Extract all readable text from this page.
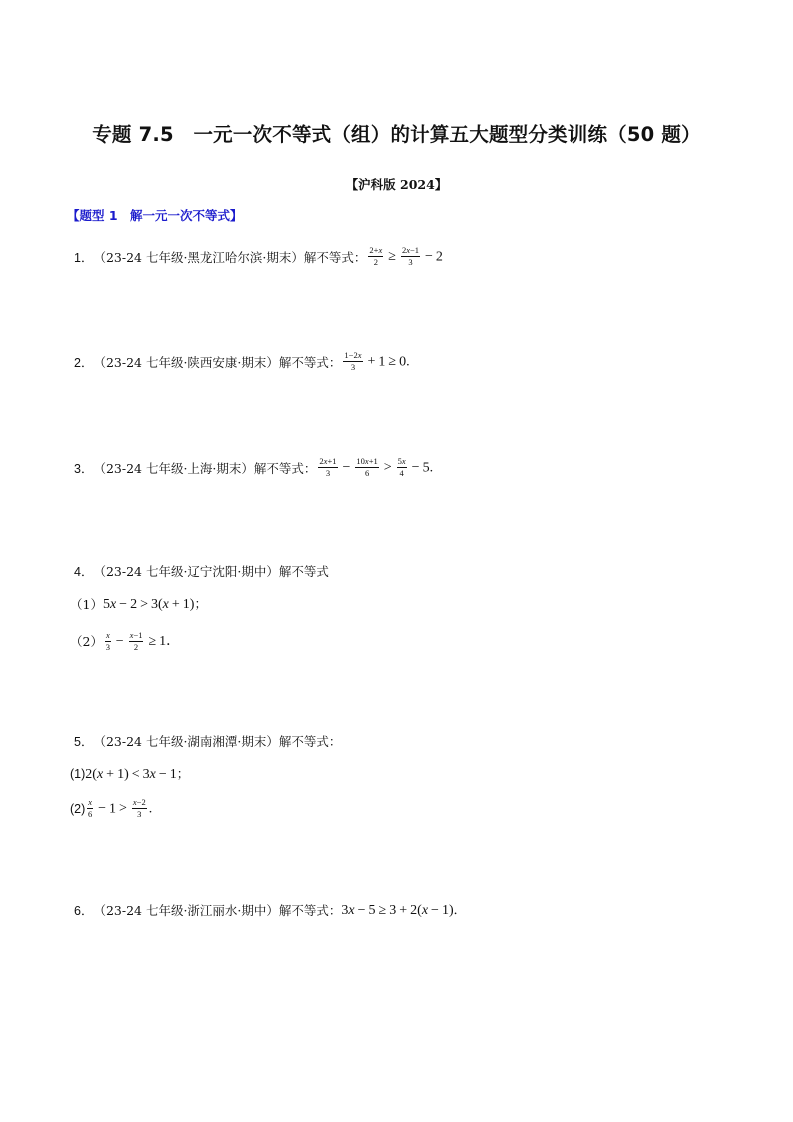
专题 7.5　一元一次不等式（组）的计算五大题型分类训练（50 题）
【沪科版 2024】
【题型 1　解一元一次不等式】
1． （23-24 七年级·黑龙江哈尔滨·期末）解不等式： $\frac{2+x}{2} \ge \frac{2x-1}{3} - 2$
2． （23-24 七年级·陕西安康·期末）解不等式： $\frac{1-2x}{3} + 1 \ge 0$.
3． （23-24 七年级·上海·期末）解不等式： $\frac{2x+1}{3} - \frac{10x+1}{6} > \frac{5x}{4} - 5$.
4． （23-24 七年级·辽宁沈阳·期中）解不等式
（1） 5x − 2 > 3(x + 1)；
$(2) \frac{x}{3} - \frac{x-1}{2} \ge 1$．
5． （23-24 七年级·湖南湘潭·期末）解不等式：
(1) 2(x + 1) < 3x − 1；
$(2) \frac{x}{6} - 1 > \frac{x-2}{3}$ .
6． （23-24 七年级·浙江丽水·期中）解不等式： 3x − 5 ≥ 3 + 2(x − 1)．
